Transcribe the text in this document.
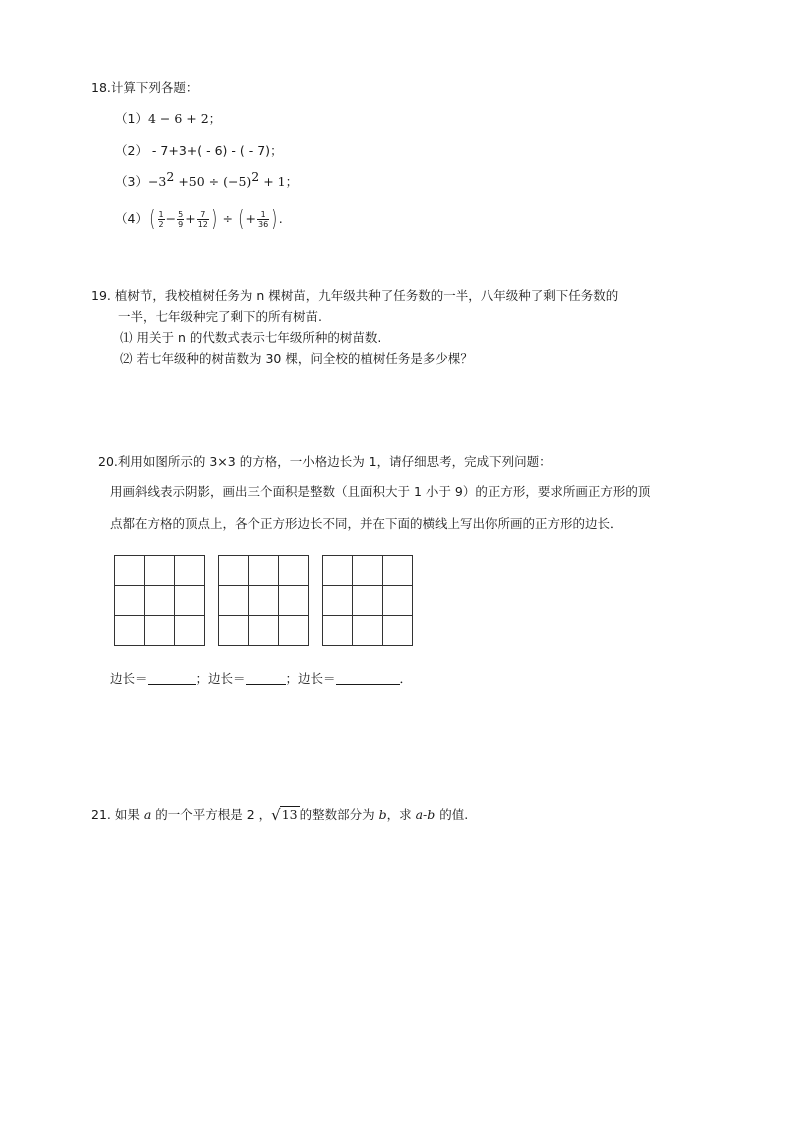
18.计算下列各题：
（1）4 − 6 + 2；
（2） - 7+3+( - 6) - ( - 7)；
$(3)-3^2 +50 \div (-5)^2 + 1$；
$(4)( \frac{1}{2} - \frac{5}{9} + \frac{7}{12}$ ) ÷ (+ $\frac{1}{36}$ ).
19. 植树节，我校植树任务为 n 棵树苗，九年级共种了任务数的一半，八年级种了剩下任务数的
一半，七年级种完了剩下的所有树苗.
⑴ 用关于 n 的代数式表示七年级所种的树苗数.
⑵ 若七年级种的树苗数为 30 棵，问全校的植树任务是多少棵？
20.利用如图所示的 3×3 的方格，一小格边长为 1，请仔细思考，完成下列问题：
用画斜线表示阴影，画出三个面积是整数（且面积大于 1 小于 9）的正方形，要求所画正方形的顶
点都在方格的顶点上，各个正方形边长不同，并在下面的横线上写出你所画的正方形的边长．
边长＝	；边长＝	；边长＝	．
21. 如果 a 的一个平方根是 2 ，√13 的整数部分为 b，求 a-b 的值.
